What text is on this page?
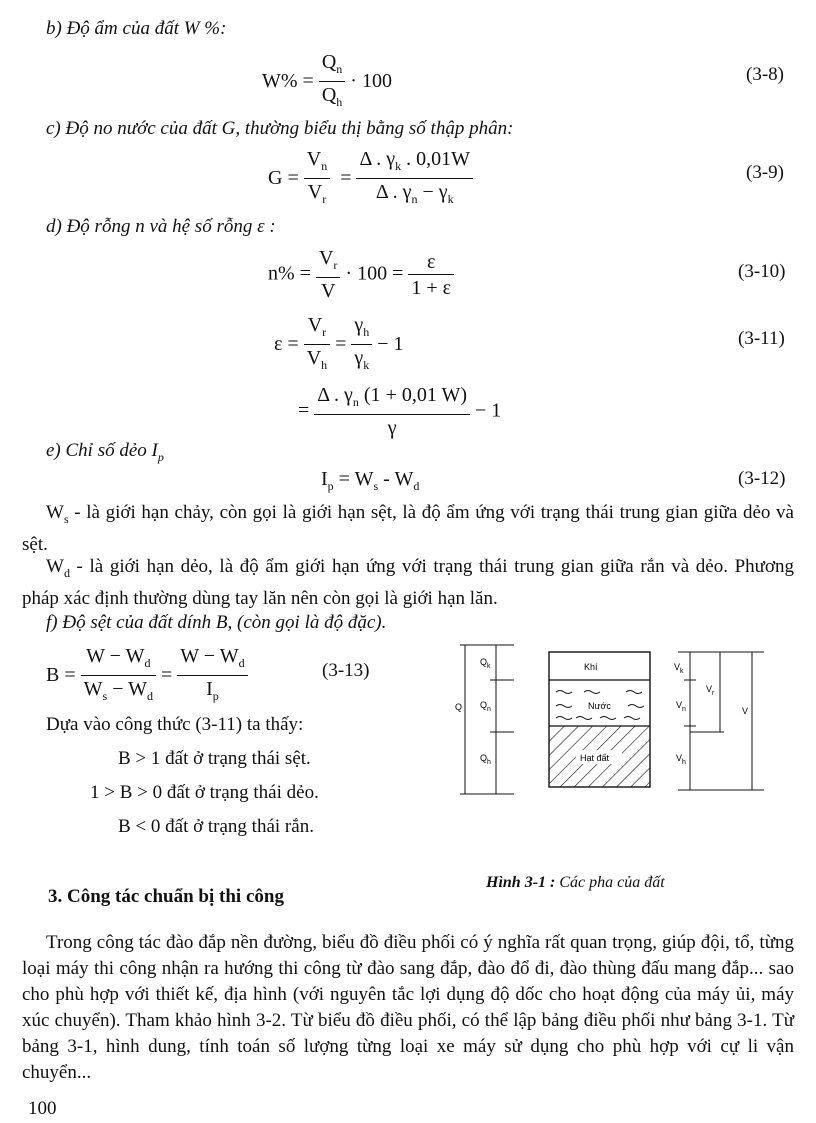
b) Độ ẩm của đất W %:
$W\% = \frac{Q_n}{Q_h} \cdot 100$	(3-8)
c) Độ no nước của đất G, thường biểu thị bằng số thập phân:
$G = \frac{V_n}{V_r} = \frac{\Delta . \gamma_k . 0,01W}{\Delta . \gamma_n - \gamma_k}$	(3-9)
d) Độ rỗng n và hệ số rỗng ε :
$n\% = \frac{V_r}{V} \cdot 100 = \frac{\varepsilon}{1 + \varepsilon}$	(3-10)
$\varepsilon = \frac{V_r}{V_h} = \frac{\gamma_h}{\gamma_k} - 1$	(3-11)
= $\frac{\Delta . \gamma_n (1 + 0,01 W)}{\gamma} - 1$
e) Chỉ số dẻo $I_p$
$I_p = W_s - W_d$	(3-12)
$W_s$ - là giới hạn chảy, còn gọi là giới hạn sệt, là độ ẩm ứng với trạng thái trung gian giữa dẻo và sệt.
$W_d$ - là giới hạn dẻo, là độ ẩm giới hạn ứng với trạng thái trung gian giữa rắn và dẻo. Phương pháp xác định thường dùng tay lăn nên còn gọi là giới hạn lăn.
f) Độ sệt của đất dính B, (còn gọi là độ đặc).
$B = \frac{W - W_d}{W_s - W_d} = \frac{W - W_d}{I_p}$	(3-13)
Dựa vào công thức (3-11) ta thấy:
B > 1 đất ở trạng thái sệt.
1 > B > 0 đất ở trạng thái dẻo.
B < 0 đất ở trạng thái rắn.
Q
$Q_k$
$Q_n$
$Q_h$
Khí
Nước
Hạt đất
$V_k$
$V_r$
$V_n$
$V_h$
V
Hình 3-1 : Các pha của đất
3. Công tác chuẩn bị thi công
Trong công tác đào đắp nền đường, biểu đồ điều phối có ý nghĩa rất quan trọng, giúp đội, tổ, từng loại máy thi công nhận ra hướng thi công từ đào sang đắp, đào đổ đi, đào thùng đấu mang đắp... sao cho phù hợp với thiết kế, địa hình (với nguyên tắc lợi dụng độ dốc cho hoạt động của máy ủi, máy xúc chuyển). Tham khảo hình 3-2. Từ biểu đồ điều phối, có thể lập bảng điều phối như bảng 3-1. Từ bảng 3-1, hình dung, tính toán số lượng từng loại xe máy sử dụng cho phù hợp với cự li vận chuyển...
100
